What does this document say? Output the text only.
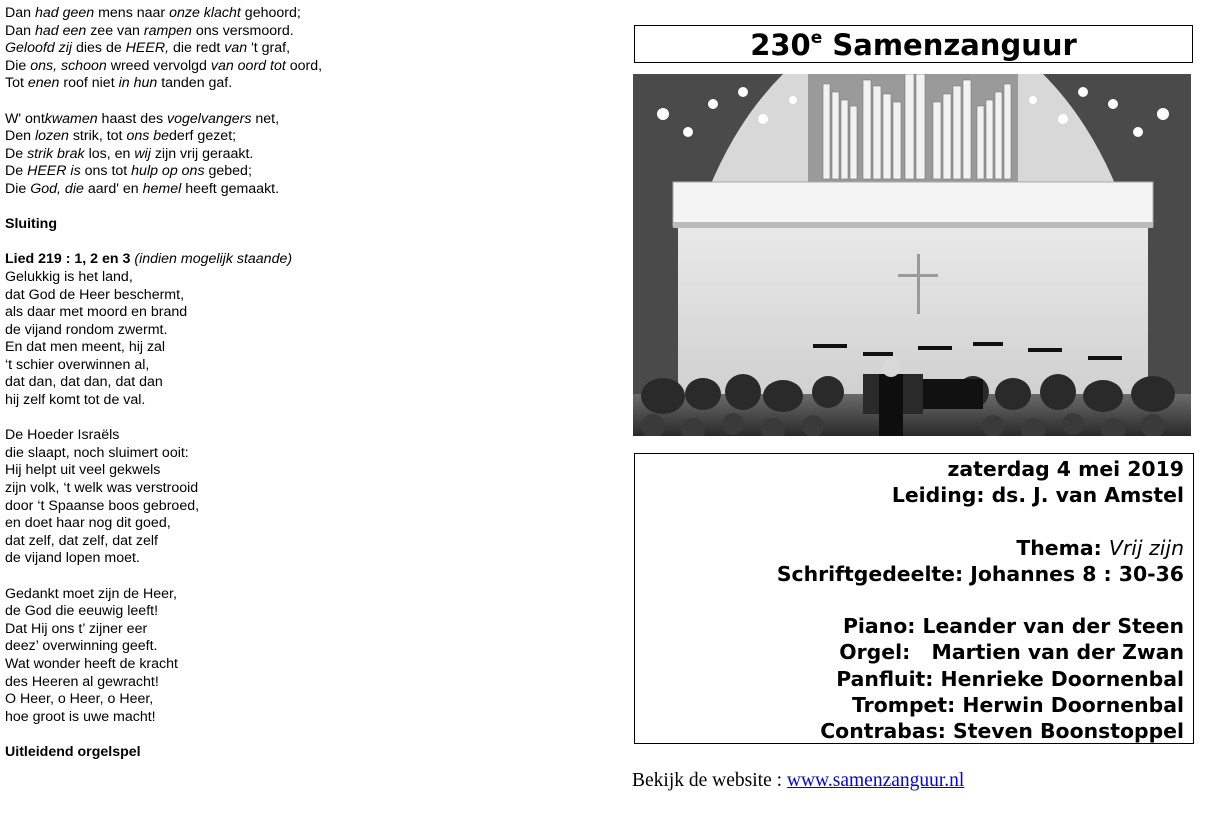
Dan had geen mens naar onze klacht gehoord;
Dan had een zee van rampen ons versmoord.
Geloofd zij dies de HEER, die redt van 't graf,
Die ons, schoon wreed vervolgd van oord tot oord,
Tot enen roof niet in hun tanden gaf.
W' ontkwamen haast des vogelvangers net,
Den lozen strik, tot ons bederf gezet;
De strik brak los, en wij zijn vrij geraakt.
De HEER is ons tot hulp op ons gebed;
Die God, die aard' en hemel heeft gemaakt.
Sluiting
Lied 219 : 1, 2 en 3 (indien mogelijk staande)
Gelukkig is het land,
dat God de Heer beschermt,
als daar met moord en brand
de vijand rondom zwermt.
En dat men meent, hij zal
‘t schier overwinnen al,
dat dan, dat dan, dat dan
hij zelf komt tot de val.
De Hoeder Israëls
die slaapt, noch sluimert ooit:
Hij helpt uit veel gekwels
zijn volk, ‘t welk was verstrooid
door ‘t Spaanse boos gebroed,
en doet haar nog dit goed,
dat zelf, dat zelf, dat zelf
de vijand lopen moet.
Gedankt moet zijn de Heer,
de God die eeuwig leeft!
Dat Hij ons t’ zijner eer
deez’ overwinning geeft.
Wat wonder heeft de kracht
des Heeren al gewracht!
O Heer, o Heer, o Heer,
hoe groot is uwe macht!
Uitleidend orgelspel
230e Samenzanguur
zaterdag 4 mei 2019
Leiding: ds. J. van Amstel
Thema: Vrij zijn
Schriftgedeelte: Johannes 8 : 30-36
Piano: Leander van der Steen
Orgel:   Martien van der Zwan
Panfluit: Henrieke Doornenbal
Trompet: Herwin Doornenbal
Contrabas: Steven Boonstoppel
Bekijk de website : www.samenzanguur.nl
